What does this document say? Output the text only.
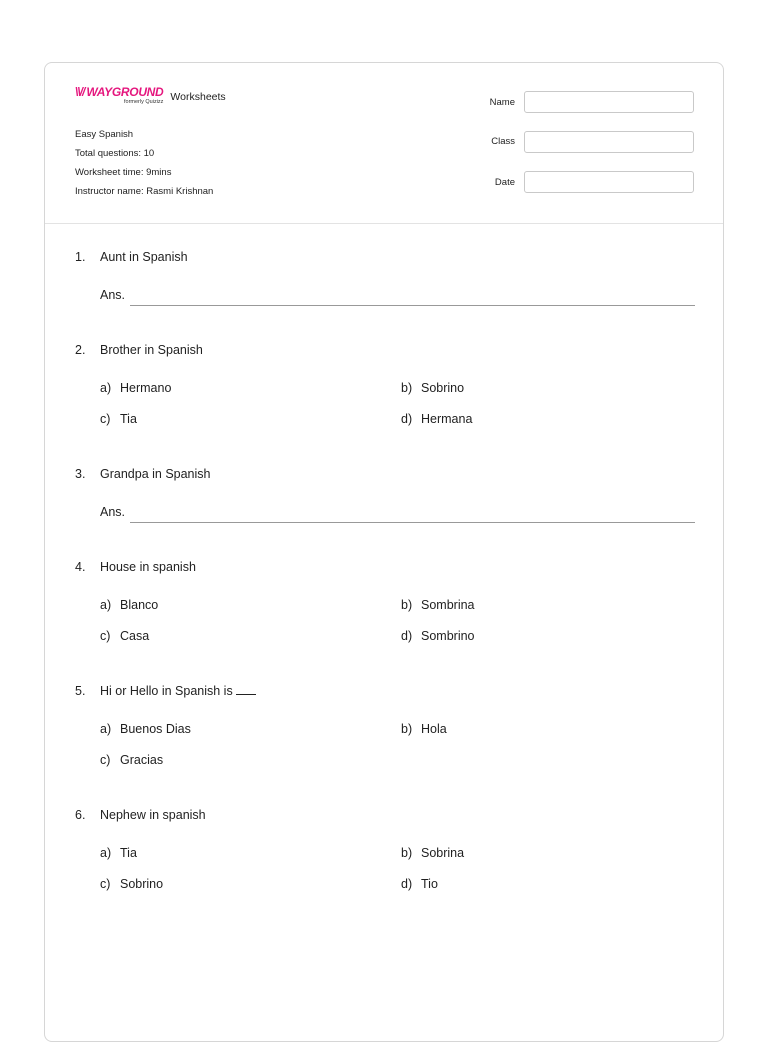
\\// WAYGROUND
formerly Quizizz Worksheets
Easy Spanish
Total questions: 10
Worksheet time: 9mins
Instructor name: Rasmi Krishnan
Name
Class
Date
1. Aunt in Spanish
Ans.
2. Brother in Spanish
a) Hermano	b) Sobrino
c) Tia	d) Hermana
3. Grandpa in Spanish
Ans.
4. House in spanish
a) Blanco	b) Sombrina
c) Casa	d) Sombrino
5. Hi or Hello in Spanish is
a) Buenos Dias	b) Hola
c) Gracias
6. Nephew in spanish
a) Tia	b) Sobrina
c) Sobrino	d) Tio
